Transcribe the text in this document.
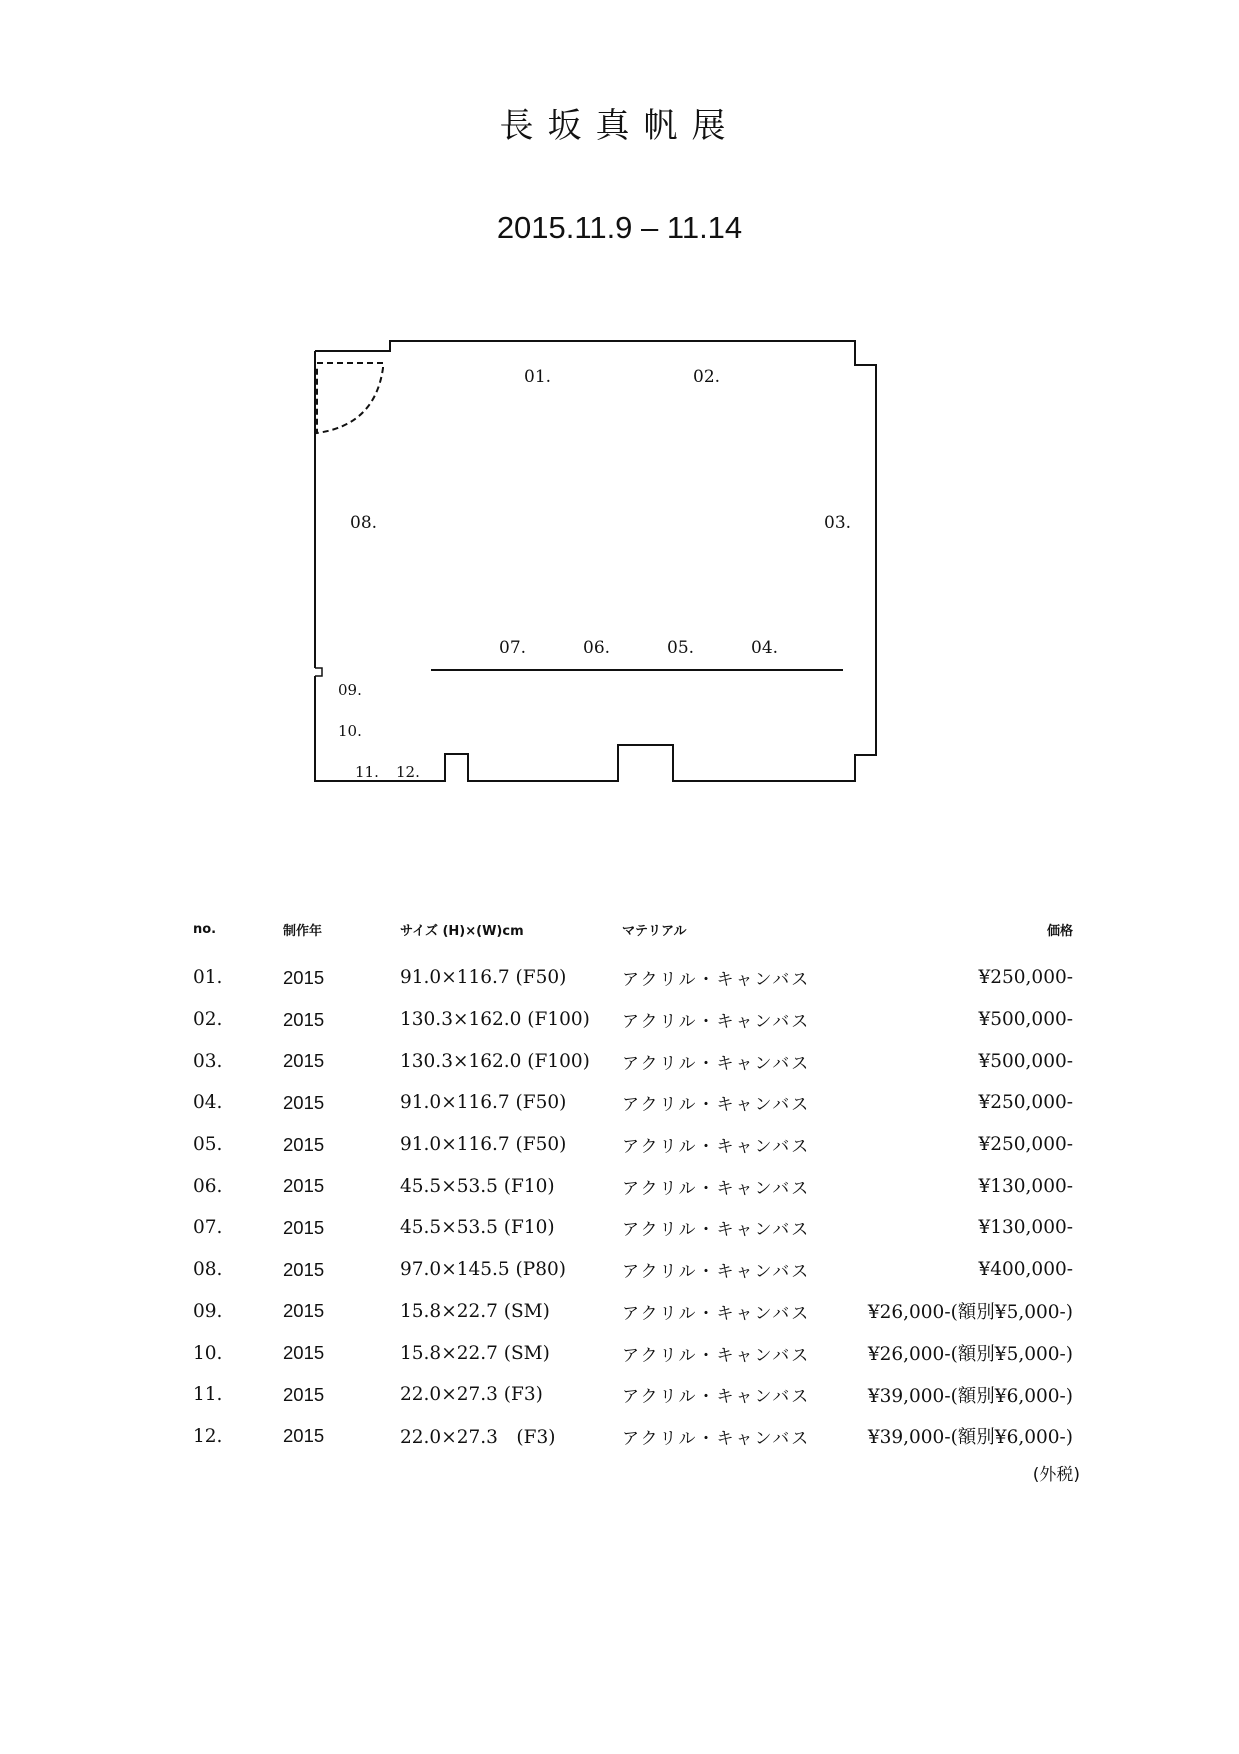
長坂真帆展
2015.11.9 – 11.14
01.	02.
03.
04.
05.
06.
07.
08.
09.
10.
11. 12.
no.	制作年	サイズ (H)×(W)cm	マテリアル	価格
01.	2015	91.0×116.7 (F50)	アクリル・キャンバス	¥250,000-
02.	2015	130.3×162.0 (F100)	アクリル・キャンバス	¥500,000-
03.	2015	130.3×162.0 (F100)	アクリル・キャンバス	¥500,000-
04.	2015	91.0×116.7 (F50)	アクリル・キャンバス	¥250,000-
05.	2015	91.0×116.7 (F50)	アクリル・キャンバス	¥250,000-
06.	2015	45.5×53.5 (F10)	アクリル・キャンバス	¥130,000-
07.	2015	45.5×53.5 (F10)	アクリル・キャンバス	¥130,000-
08.	2015	97.0×145.5 (P80)	アクリル・キャンバス	¥400,000-
09.	2015	15.8×22.7 (SM)	アクリル・キャンバス	¥26,000-(額別¥5,000-)
10.	2015	15.8×22.7 (SM)	アクリル・キャンバス	¥26,000-(額別¥5,000-)
11.	2015	22.0×27.3 (F3)	アクリル・キャンバス	¥39,000-(額別¥6,000-)
12.	2015	22.0×27.3　(F3)	アクリル・キャンバス	¥39,000-(額別¥6,000-)
(外税)
